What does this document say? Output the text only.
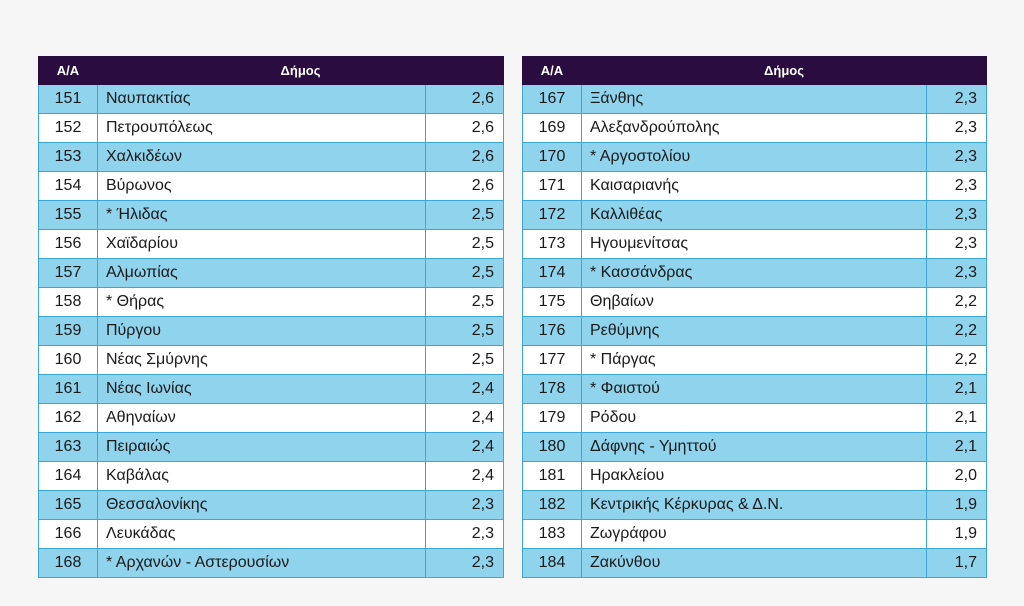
Α/Α	Δήμος	
151	Ναυπακτίας	2,6
152	Πετρουπόλεως	2,6
153	Χαλκιδέων	2,6
154	Βύρωνος	2,6
155	* Ήλιδας	2,5
156	Χαϊδαρίου	2,5
157	Αλμωπίας	2,5
158	* Θήρας	2,5
159	Πύργου	2,5
160	Νέας Σμύρνης	2,5
161	Νέας Ιωνίας	2,4
162	Αθηναίων	2,4
163	Πειραιώς	2,4
164	Καβάλας	2,4
165	Θεσσαλονίκης	2,3
166	Λευκάδας	2,3
168	* Αρχανών - Αστερουσίων	2,3
Α/Α	Δήμος	
167	Ξάνθης	2,3
169	Αλεξανδρούπολης	2,3
170	* Αργοστολίου	2,3
171	Καισαριανής	2,3
172	Καλλιθέας	2,3
173	Ηγουμενίτσας	2,3
174	* Κασσάνδρας	2,3
175	Θηβαίων	2,2
176	Ρεθύμνης	2,2
177	* Πάργας	2,2
178	* Φαιστού	2,1
179	Ρόδου	2,1
180	Δάφνης - Υμηττού	2,1
181	Ηρακλείου	2,0
182	Κεντρικής Κέρκυρας & Δ.Ν.	1,9
183	Ζωγράφου	1,9
184	Ζακύνθου	1,7
